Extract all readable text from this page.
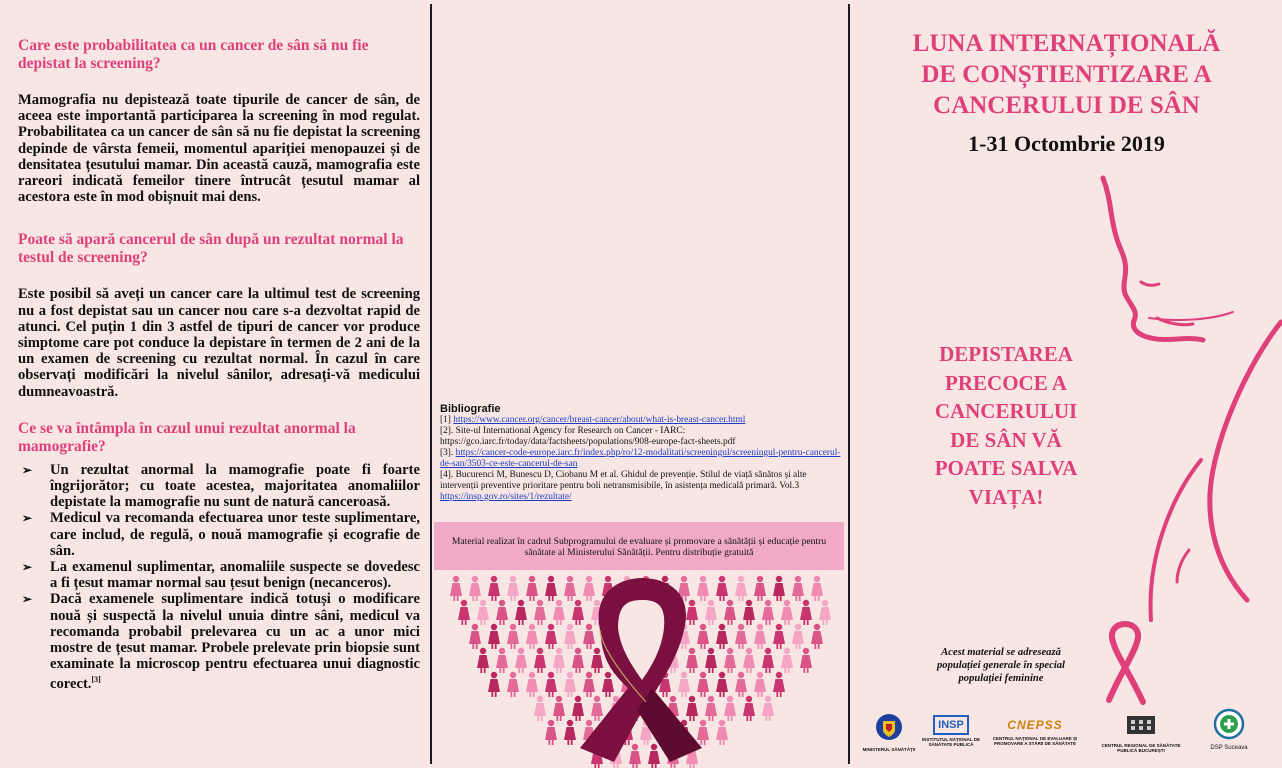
Care este probabilitatea ca un cancer de sân să nu fie depistat la screening?

Mamografia nu depistează toate tipurile de cancer de sân, de aceea este importantă participarea la screening în mod regulat. Probabilitatea ca un cancer de sân să nu fie depistat la screening depinde de vârsta femeii, momentul apariției menopauzei și de densitatea țesutului mamar. Din această cauză, mamografia este rareori indicată femeilor tinere întrucât țesutul mamar al acestora este în mod obișnuit mai dens.

Poate să apară cancerul de sân după un rezultat normal la testul de screening?

Este posibil să aveți un cancer care la ultimul test de screening nu a fost depistat sau un cancer nou care s-a dezvoltat rapid de atunci. Cel puțin 1 din 3 astfel de tipuri de cancer vor produce simptome care pot conduce la depistare în termen de 2 ani de la un examen de screening cu rezultat normal. În cazul în care observați modificări la nivelul sânilor, adresați-vă medicului dumneavoastră.

Ce se va întâmpla în cazul unui rezultat anormal la mamografie?

➢ Un rezultat anormal la mamografie poate fi foarte îngrijorător; cu toate acestea, majoritatea anomaliilor depistate la mamografie nu sunt de natură canceroasă.
➢ Medicul va recomanda efectuarea unor teste suplimentare, care includ, de regulă, o nouă mamografie și ecografie de sân.
➢ La examenul suplimentar, anomaliile suspecte se dovedesc a fi țesut mamar normal sau țesut benign (necanceros).
➢ Dacă examenele suplimentare indică totuși o modificare nouă și suspectă la nivelul unuia dintre sâni, medicul va recomanda probabil prelevarea cu un ac a unor mici mostre de țesut mamar. Probele prelevate prin biopsie sunt examinate la microscop pentru efectuarea unui diagnostic corect.[3]
Bibliografie
[1] https://www.cancer.org/cancer/breast-cancer/about/what-is-breast-cancer.html
[2]. Site-ul International Agency for Research on Cancer - IARC:
https://gco.iarc.fr/today/data/factsheets/populations/908-europe-fact-sheets.pdf
[3]. https://cancer-code-europe.iarc.fr/index.php/ro/12-modalitati/screeningul/screeningul-pentru-cancerul-de-san/3503-ce-este-cancerul-de-san
[4]. Bucurenci M, Bunescu D, Ciobanu M et al. Ghidul de prevenție. Stilul de viață sănătos și alte intervenții preventive prioritare pentru boli netransmisibile, în asistența medicală primară. Vol.3 https://insp.gov.ro/sites/1/rezultate/
Material realizat în cadrul Subprogramului de evaluare și promovare a sănătății și educație pentru sănătate al Ministerului Sănătății. Pentru distribuție gratuită
LUNA INTERNAȚIONALĂ
DE CONȘTIENTIZARE A
CANCERULUI DE SÂN
1-31 Octombrie 2019
DEPISTAREA
PRECOCE A
CANCERULUI
DE SÂN VĂ
POATE SALVA
VIAȚA!
Acest material se adresează
populației generale în special
populației feminine
MINISTERUL SĂNĂTĂȚII
INSP
INSTITUTUL NAȚIONAL DE SĂNĂTATE PUBLICĂ
CNEPSS
CENTRUL NAȚIONAL DE EVALUARE ȘI PROMOVARE A STĂRII DE SĂNĂTATE	CENTRUL REGIONAL DE SĂNĂTATE PUBLICĂ BUCUREȘTI	DSP Suceava
